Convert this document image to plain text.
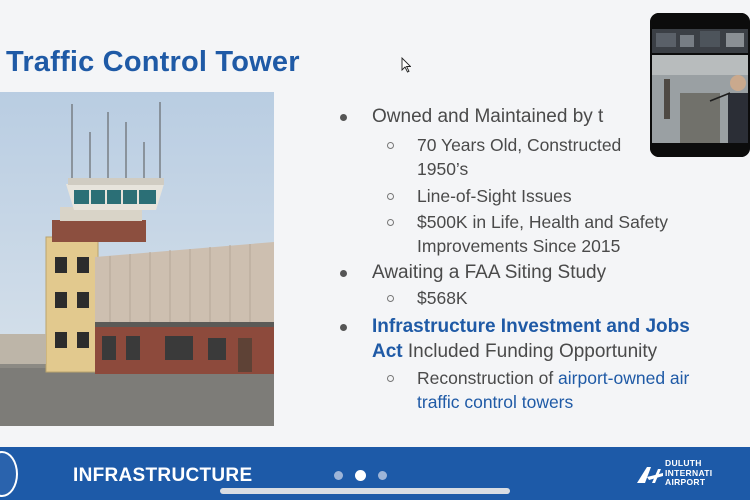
Traffic Control Tower
Owned and Maintained by t
70 Years Old, Constructed
1950’s
Line-of-Sight Issues
$500K in Life, Health and Safety
Improvements Since 2015
Awaiting a FAA Siting Study
$568K
Infrastructure Investment and Jobs
Act Included Funding Opportunity
Reconstruction of airport-owned air
traffic control towers
INFRASTRUCTURE
DULUTH
INTERNATI
AIRPORT
